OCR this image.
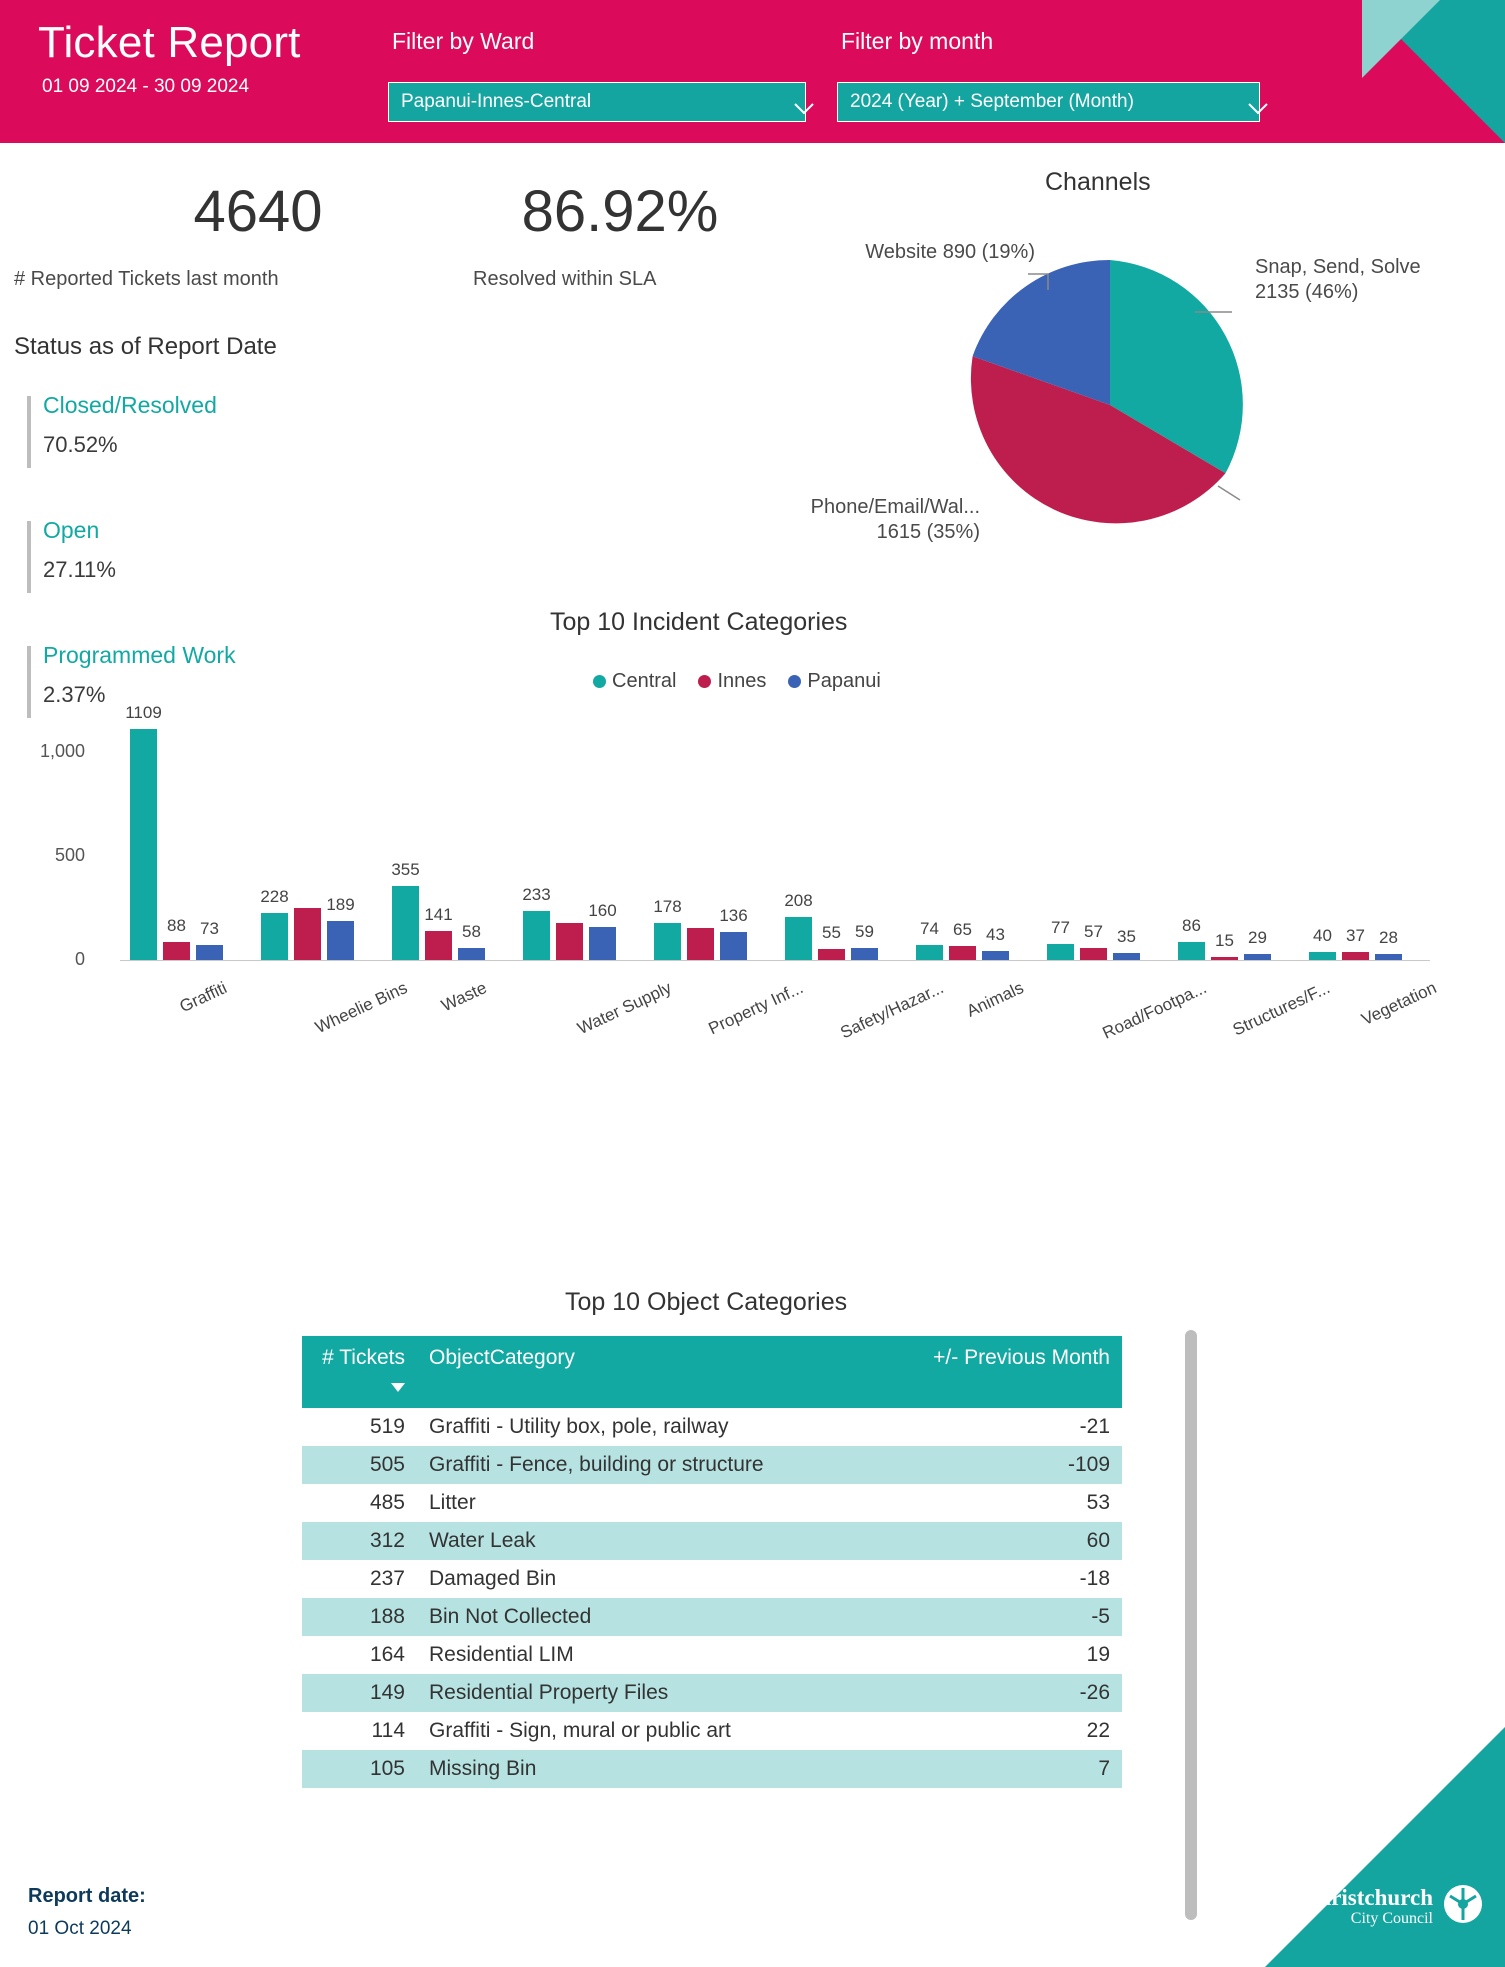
Ticket Report
01 09 2024 - 30 09 2024
Filter by Ward
Papanui-Innes-Central
Filter by month
2024 (Year) + September (Month)
4640
# Reported Tickets last month
86.92%
Resolved within SLA
Status as of Report Date
Closed/Resolved
70.52%
Open
27.11%
Programmed Work
2.37%
Channels
Snap, Send, Solve
2135 (46%)
Phone/Email/Wal...
1615 (35%)
Website 890 (19%)
Top 10 Incident Categories
Central Innes Papanui
0
500
1,000
1109
88 73
Graffiti
228	189
Wheelie Bins
355
141
58
Waste
233
160
Water Supply
178	136
Property Inf...
208
55 59
Safety/Hazar...
74 65 43
Animals
77 57 35
Road/Footpa...
86
15 29
Structures/F...
40 37 28
Vegetation
Top 10 Object Categories
# Tickets	ObjectCategory	+/- Previous Month
519	Graffiti - Utility box, pole, railway	-21
505	Graffiti - Fence, building or structure	-109
485	Litter	53
312	Water Leak	60
237	Damaged Bin	-18
188	Bin Not Collected	-5
164	Residential LIM	19
149	Residential Property Files	-26
114	Graffiti - Sign, mural or public art	22
105	Missing Bin	7
Report date:
01 Oct 2024
Christchurch
City Council
